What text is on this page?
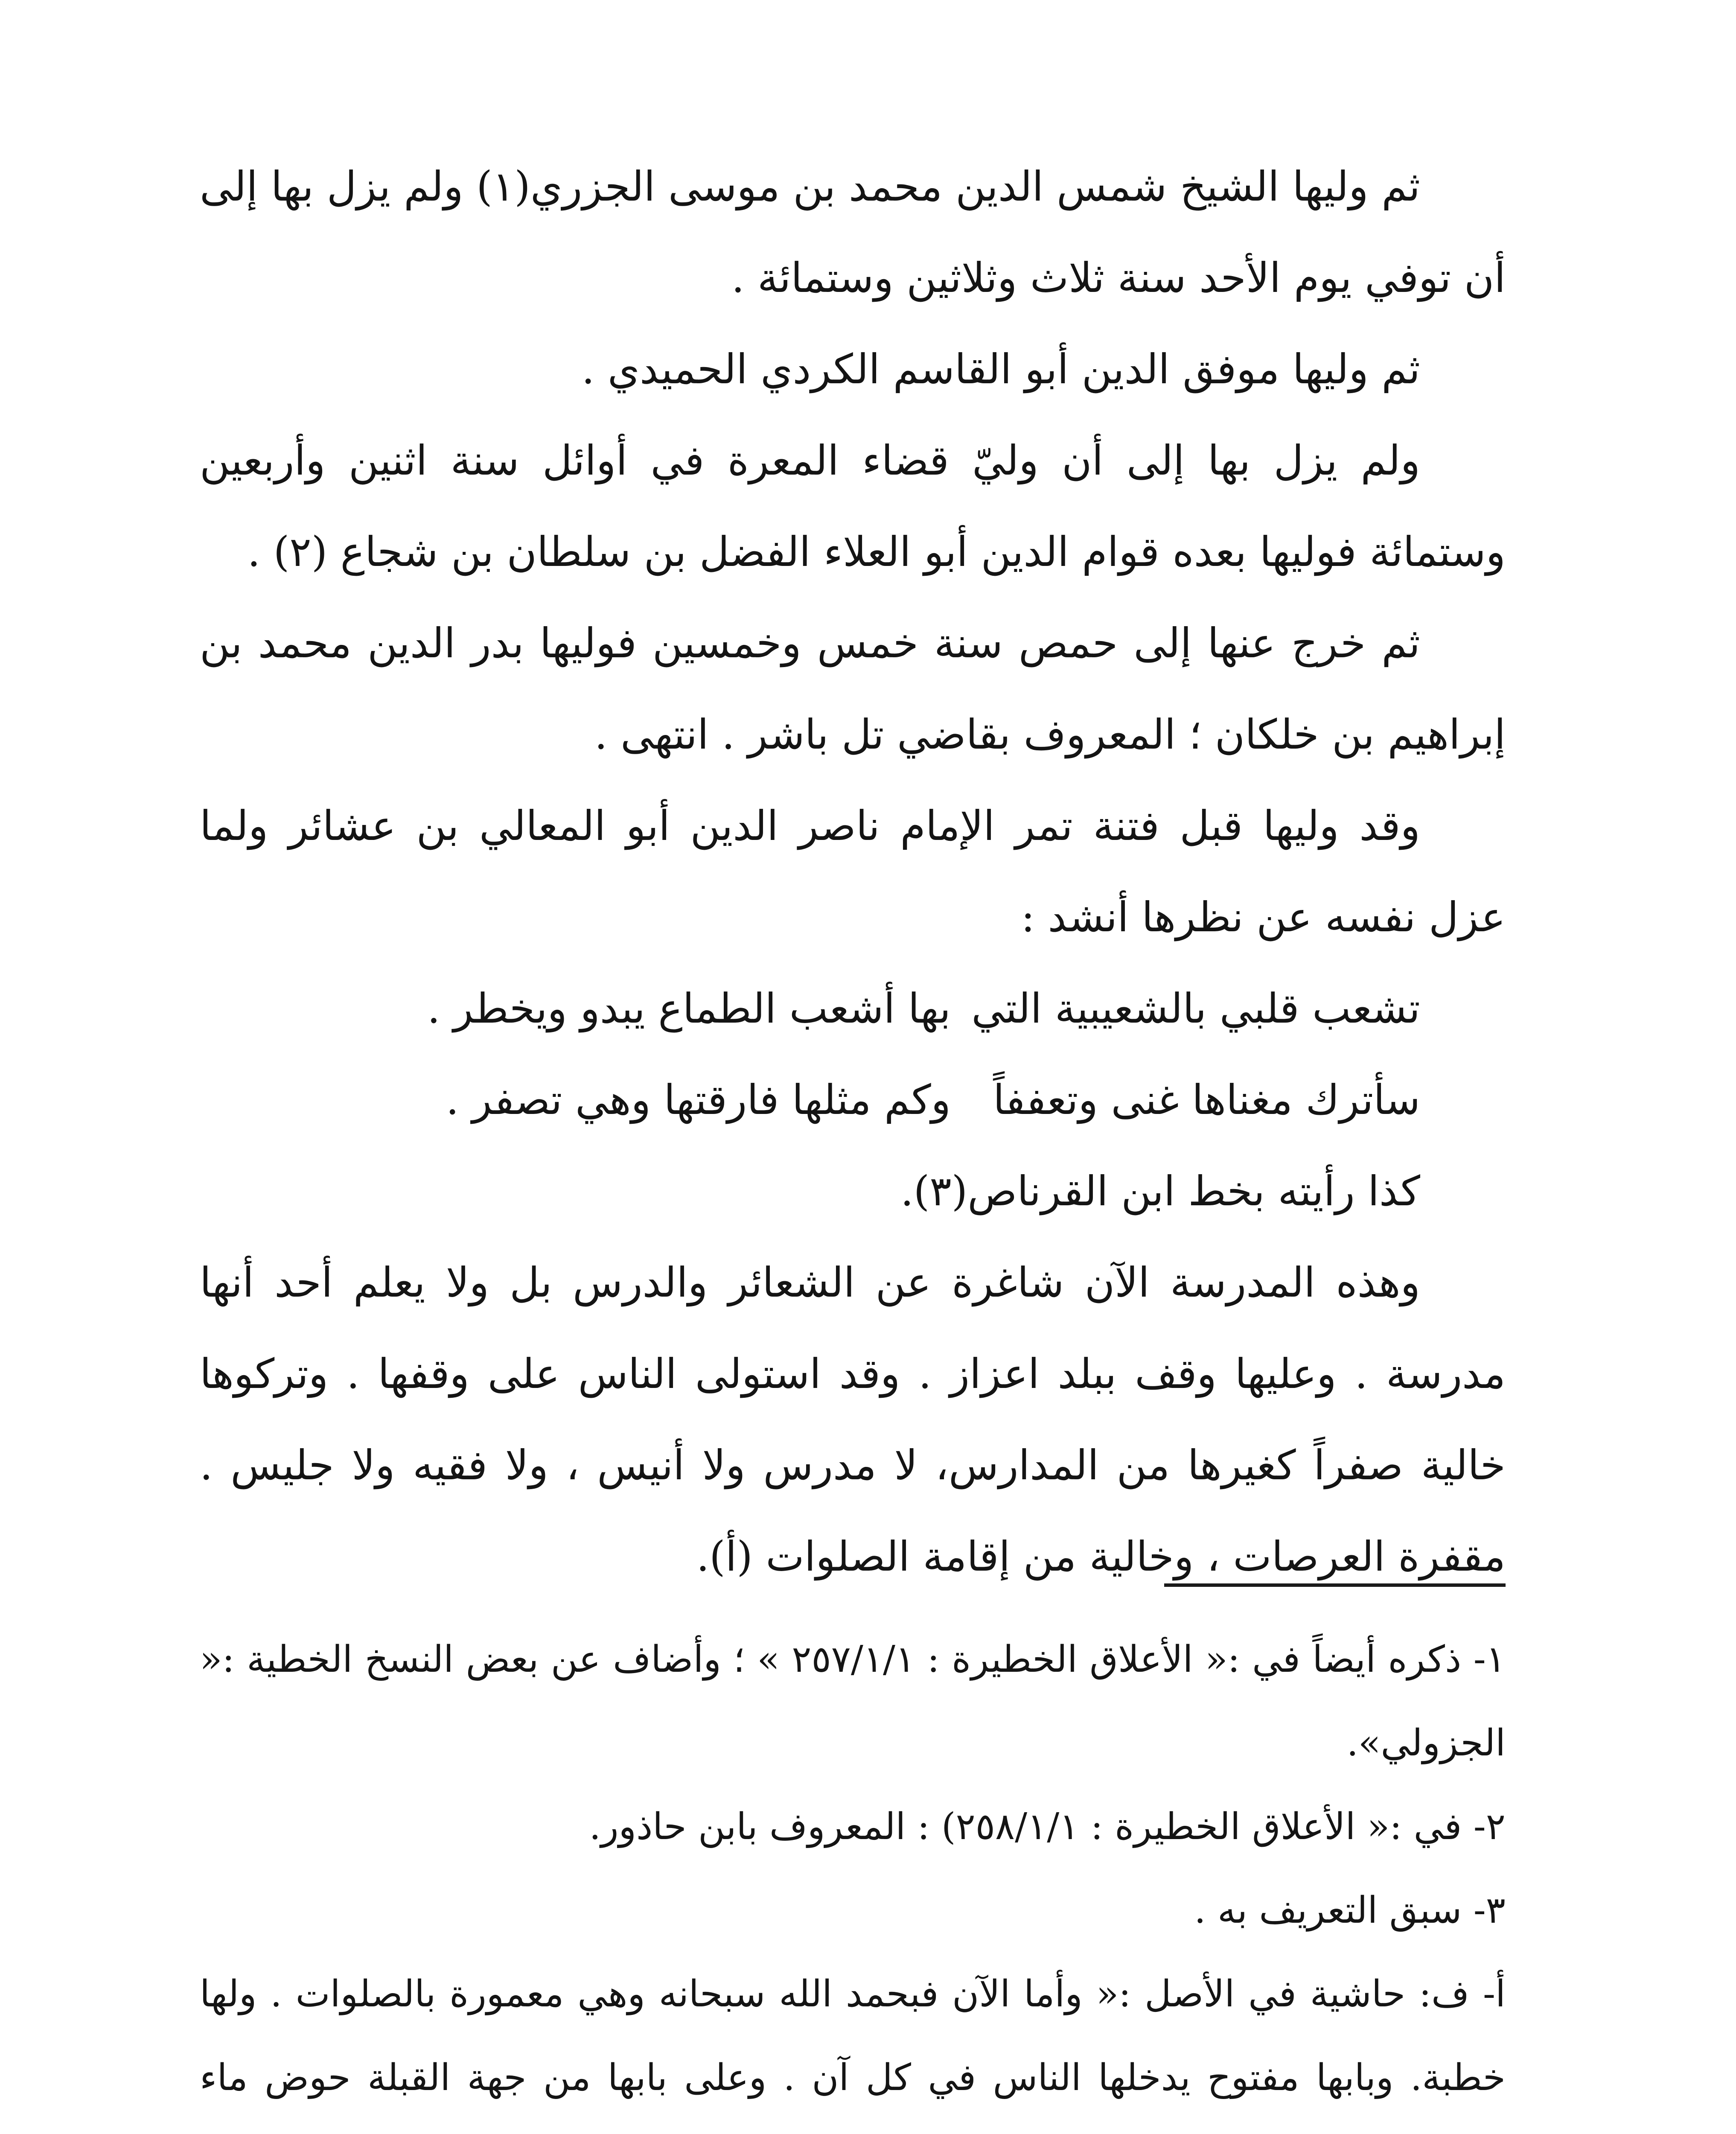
ثم وليها الشيخ شمس الدين محمد بن موسى الجزري(١) ولم يزل بها إلى أن توفي يوم الأحد سنة ثلاث وثلاثين وستمائة .

ثم وليها موفق الدين أبو القاسم الكردي الحميدي .

ولم يزل بها إلى أن وليّ قضاء المعرة في أوائل سنة اثنين وأربعين وستمائة فوليها بعده قوام الدين أبو العلاء الفضل بن سلطان بن شجاع (٢) .

ثم خرج عنها إلى حمص سنة خمس وخمسين فوليها بدر الدين محمد بن إبراهيم بن خلكان ؛ المعروف بقاضي تل باشر . انتهى .

وقد وليها قبل فتنة تمر الإمام ناصر الدين أبو المعالي بن عشائر ولما عزل نفسه عن نظرها أنشد :

تشعب قلبي بالشعيبية التي
بها أشعب الطماع يبدو ويخطر .
سأترك مغناها غنى وتعففاً
وكم مثلها فارقتها وهي تصفر .

كذا رأيته بخط ابن القرناص(٣).

وهذه المدرسة الآن شاغرة عن الشعائر والدرس بل ولا يعلم أحد أنها مدرسة . وعليها وقف ببلد اعزاز . وقد استولى الناس على وقفها . وتركوها خالية صفراً كغيرها من المدارس، لا مدرس ولا أنيس ، ولا فقيه ولا جليس . مقفرة العرصات ، وخالية من إقامة الصلوات (أ).

١- ذكره أيضاً في :« الأعلاق الخطيرة : ٢٥٧/١/١ » ؛ وأضاف عن بعض النسخ الخطية :« الجزولي».

٢- في :« الأعلاق الخطيرة : ٢٥٨/١/١) : المعروف بابن حاذور.

٣- سبق التعريف به .

أ- ف: حاشية في الأصل :« وأما الآن فبحمد الله سبحانه وهي معمورة بالصلوات . ولها خطبة. وبابها مفتوح يدخلها الناس في كل آن . وعلى بابها من جهة القبلة حوض ماء
